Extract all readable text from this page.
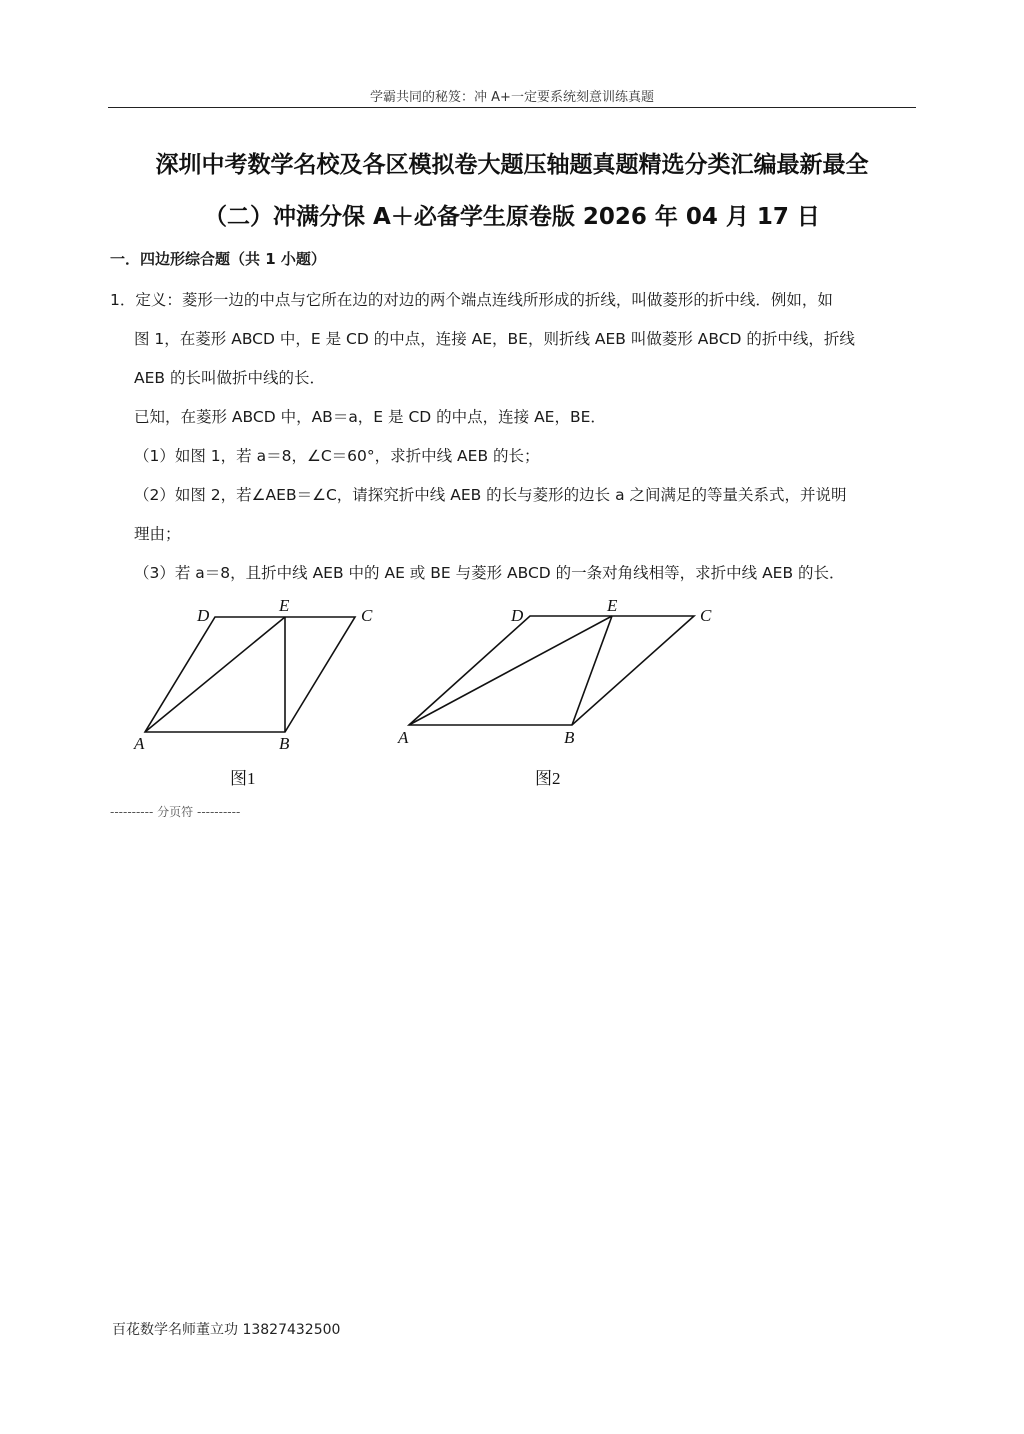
学霸共同的秘笈：冲 A+一定要系统刻意训练真题
深圳中考数学名校及各区模拟卷大题压轴题真题精选分类汇编最新最全
（二）冲满分保 A＋必备学生原卷版 2026 年 04 月 17 日
一．四边形综合题（共 1 小题）
1．定义：菱形一边的中点与它所在边的对边的两个端点连线所形成的折线，叫做菱形的折中线．例如，如
图 1，在菱形 ABCD 中，E 是 CD 的中点，连接 AE，BE，则折线 AEB 叫做菱形 ABCD 的折中线，折线
AEB 的长叫做折中线的长．
已知，在菱形 ABCD 中，AB＝a，E 是 CD 的中点，连接 AE，BE．
（1）如图 1，若 a＝8，∠C＝60°，求折中线 AEB 的长；
（2）如图 2，若∠AEB＝∠C，请探究折中线 AEB 的长与菱形的边长 a 之间满足的等量关系式，并说明
理由；
（3）若 a＝8，且折中线 AEB 中的 AE 或 BE 与菱形 ABCD 的一条对角线相等，求折中线 AEB 的长．
D
E
C
A	B
图1
D
E
C
A	B
图2
---------- 分页符 ----------
百花数学名师董立功 13827432500
